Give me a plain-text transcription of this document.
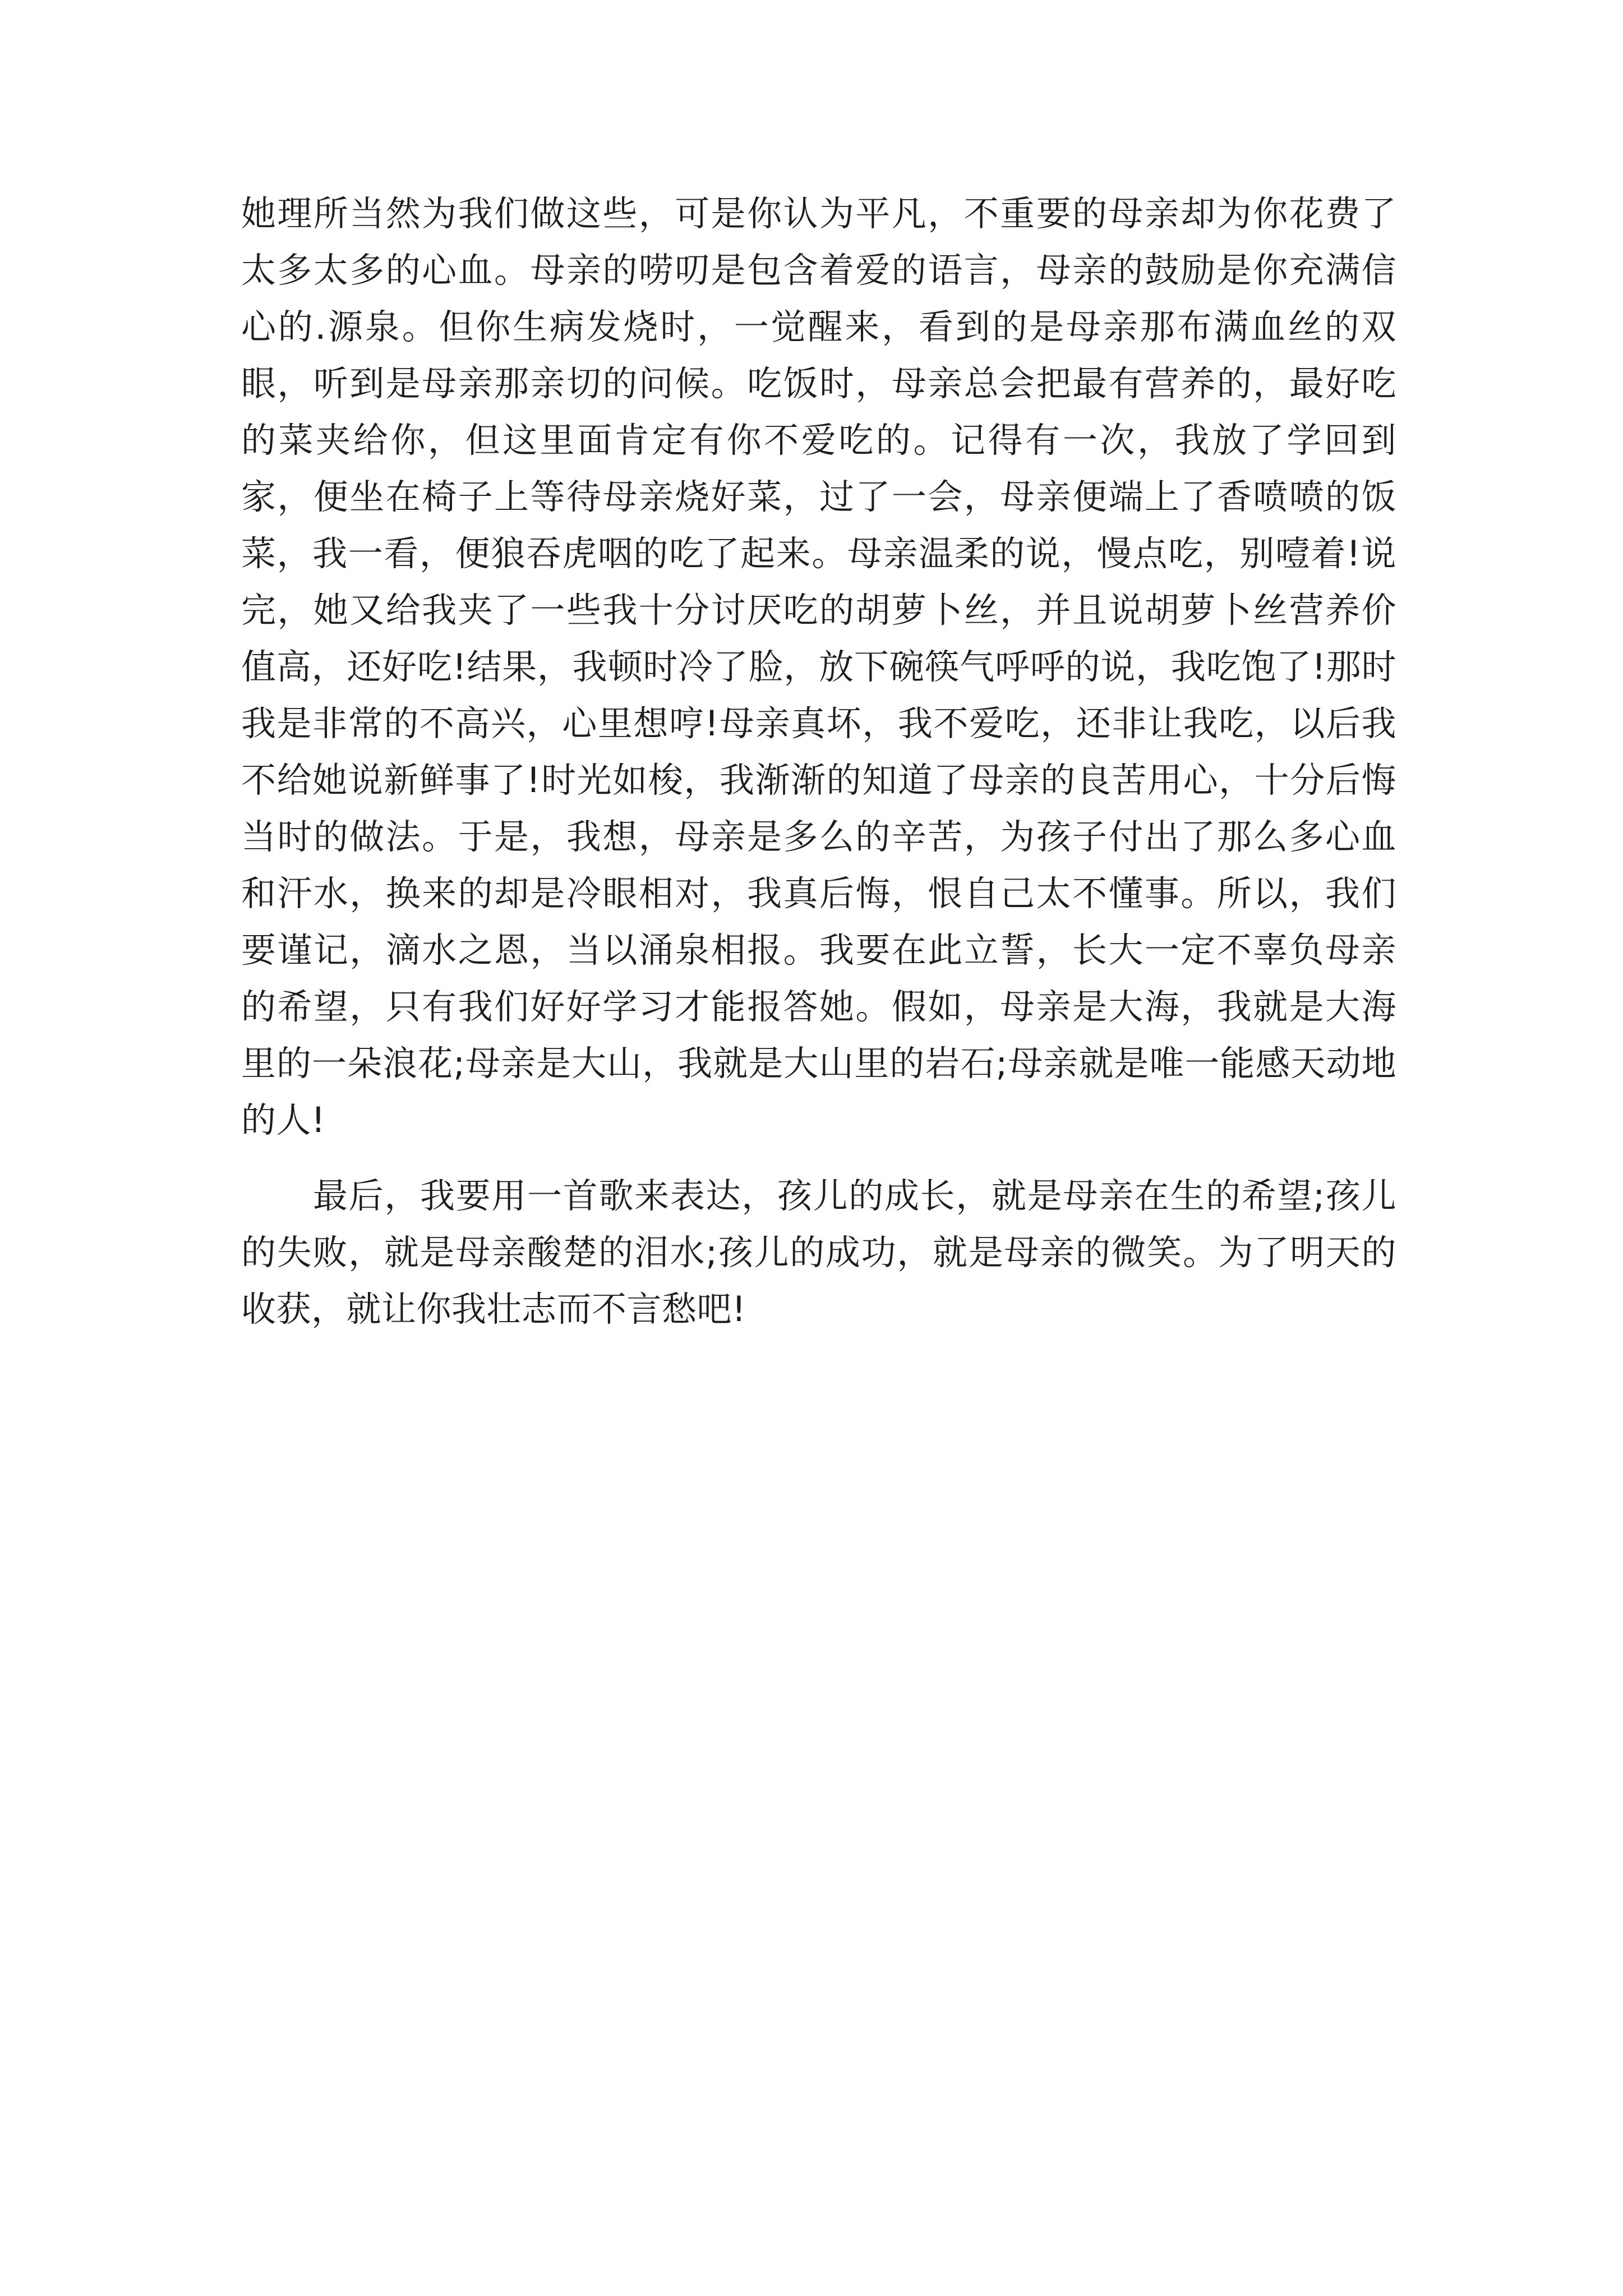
她理所当然为我们做这些，可是你认为平凡，不重要的母亲却为你花费了太多太多的心血。母亲的唠叨是包含着爱的语言，母亲的鼓励是你充满信心的.源泉。但你生病发烧时，一觉醒来，看到的是母亲那布满血丝的双眼，听到是母亲那亲切的问候。吃饭时，母亲总会把最有营养的，最好吃的菜夹给你，但这里面肯定有你不爱吃的。记得有一次，我放了学回到家，便坐在椅子上等待母亲烧好菜，过了一会，母亲便端上了香喷喷的饭菜，我一看，便狼吞虎咽的吃了起来。母亲温柔的说，慢点吃，别噎着!说完，她又给我夹了一些我十分讨厌吃的胡萝卜丝，并且说胡萝卜丝营养价值高，还好吃!结果，我顿时冷了脸，放下碗筷气呼呼的说，我吃饱了!那时我是非常的不高兴，心里想哼!母亲真坏，我不爱吃，还非让我吃，以后我不给她说新鲜事了!时光如梭，我渐渐的知道了母亲的良苦用心，十分后悔当时的做法。于是，我想，母亲是多么的辛苦，为孩子付出了那么多心血和汗水，换来的却是冷眼相对，我真后悔，恨自己太不懂事。所以，我们要谨记，滴水之恩，当以涌泉相报。我要在此立誓，长大一定不辜负母亲的希望，只有我们好好学习才能报答她。假如，母亲是大海，我就是大海里的一朵浪花;母亲是大山，我就是大山里的岩石;母亲就是唯一能感天动地的人!

最后，我要用一首歌来表达，孩儿的成长，就是母亲在生的希望;孩儿的失败，就是母亲酸楚的泪水;孩儿的成功，就是母亲的微笑。为了明天的收获，就让你我壮志而不言愁吧!
